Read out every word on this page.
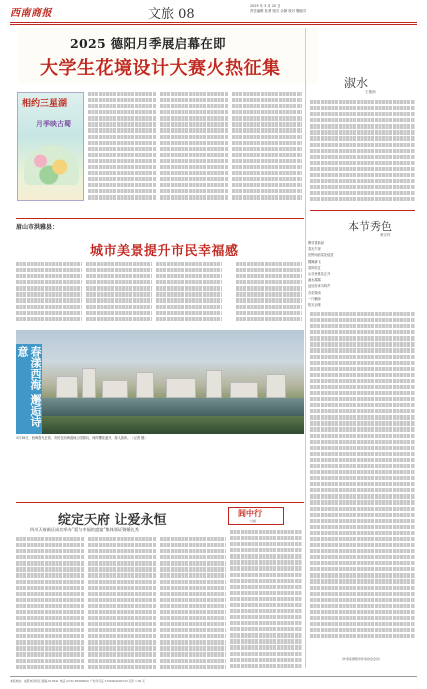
西南商报	文旅 08
2025 年 3 月 20 日
责任编辑 杜勇 版式 余静 校对 魏丽芬
2025 德阳月季展启幕在即
大学生花境设计大赛火热征集
相约三星湖
月季映古蜀
淑水
王德润
本节秀色
黄宗祥
柳芽冒新绿
春光乍现
田野间油菜花绽放
蝶舞蜂飞
春风吹过
山谷里桃花正开
溪水潺潺
远处传来鸟鸣声
杏花微雨
一片嫩绿
阳光正暖
（作者系德阳市作家协会会员）
眉山市洪雅县：
城市美景提升市民幸福感
春漾西海 邂逅诗意
3月18日，西海春光正浓，市民在西海湿地公园游玩，两岸樱花盛开，游人如织。（记者 摄）
绽定天府 让爱永恒
四川天府新区成功举办“爱与幸福的盛宴”集体领证暨婚礼秀
闾中行
甘霖
本报地址：成都市武侯区 邮编 610041 电话 (028) 86968000 广告许可证 5100004000123 定价 1.00 元
